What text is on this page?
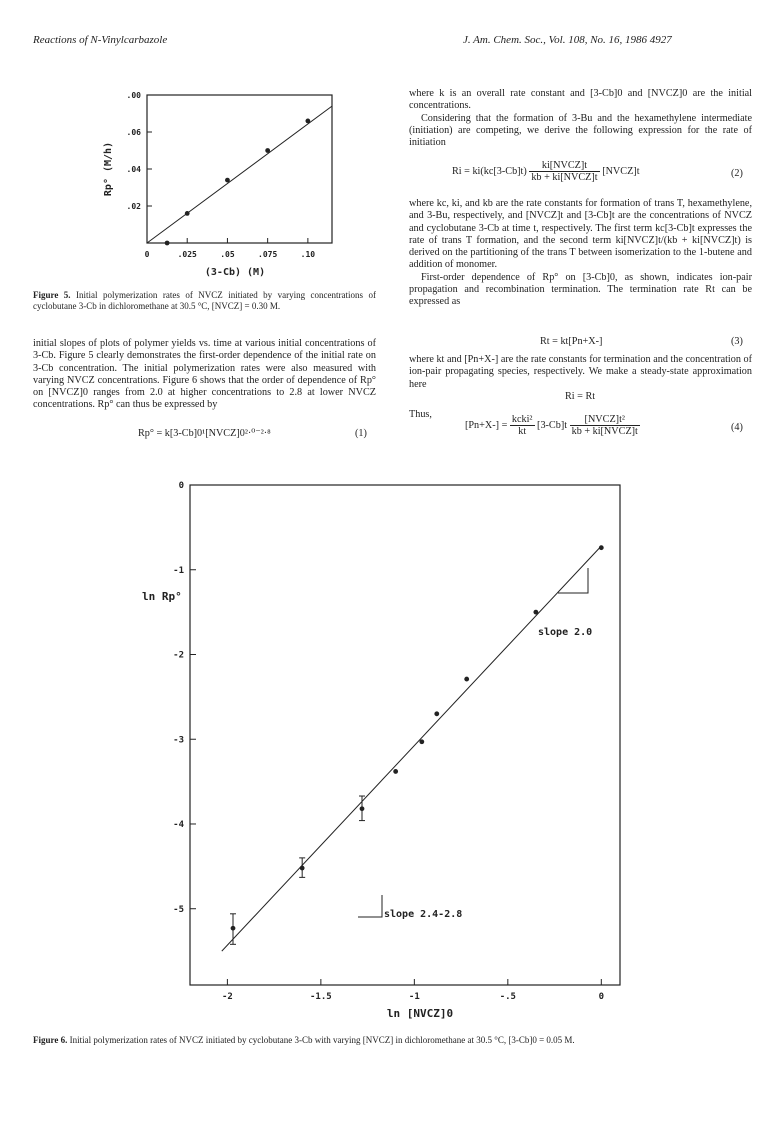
Reactions of N-Vinylcarbazole	J. Am. Chem. Soc., Vol. 108, No. 16, 1986 4927
0	.025	.05	.075	.10
.02
.04
.06
.00
Rp° (M/h)
(3-Cb) (M)
Figure 5. Initial polymerization rates of NVCZ initiated by varying concentrations of cyclobutane 3-Cb in dichloromethane at 30.5 °C, [NVCZ] = 0.30 M.

initial slopes of plots of polymer yields vs. time at various initial concentrations of 3-Cb. Figure 5 clearly demonstrates the first-order dependence of the initial rate on 3-Cb concentration. The initial polymerization rates were also measured with varying NVCZ concentrations. Figure 6 shows that the order of dependence of Rp° on [NVCZ]0 ranges from 2.0 at higher concentrations to 2.8 at lower NVCZ concentrations. Rp° can thus be expressed by

Rp° = k[3-Cb]0¹[NVCZ]0²·⁰⁻²·⁸	(1)

where k is an overall rate constant and [3-Cb]0 and [NVCZ]0 are the initial concentrations.

Considering that the formation of 3-Bu and the hexamethylene intermediate (initiation) are competing, we derive the following expression for the rate of initiation

$Ri = ki(kc[3-Cb]t) \frac{\text{ki[NVCZ]t}}{\text{kb + ki[NVCZ]t}}$ [NVCZ]t	(2)

where kc, ki, and kb are the rate constants for formation of trans T, hexamethylene, and 3-Bu, respectively, and [NVCZ]t and [3-Cb]t are the concentrations of NVCZ and cyclobutane 3-Cb at time t, respectively. The first term kc[3-Cb]t expresses the rate of trans T formation, and the second term ki[NVCZ]t/(kb + ki[NVCZ]t) is derived on the partitioning of the trans T between isomerization to the 1-butene and addition of monomer.

First-order dependence of Rp° on [3-Cb]0, as shown, indicates ion-pair propagation and recombination termination. The termination rate Rt can be expressed as

Rt = kt[Pn+X-]	(3)

where kt and [Pn+X-] are the rate constants for termination and the concentration of ion-pair propagating species, respectively. We make a steady-state approximation here

Ri = Rt
Thus,
$[Pn+X-] = \frac{\text{kcki²}}{kt} [3-Cb]t \frac{\text{[NVCZ]t²}}{\text{kb + ki[NVCZ]t}}$	(4)
-2	-1.5	-1	-.5	0
0
-1
-2
-3
-4
-5
ln Rp°
ln [NVCZ]0
slope 2.0
slope 2.4-2.8
Figure 6. Initial polymerization rates of NVCZ initiated by cyclobutane 3-Cb with varying [NVCZ] in dichloromethane at 30.5 °C, [3-Cb]0 = 0.05 M.
